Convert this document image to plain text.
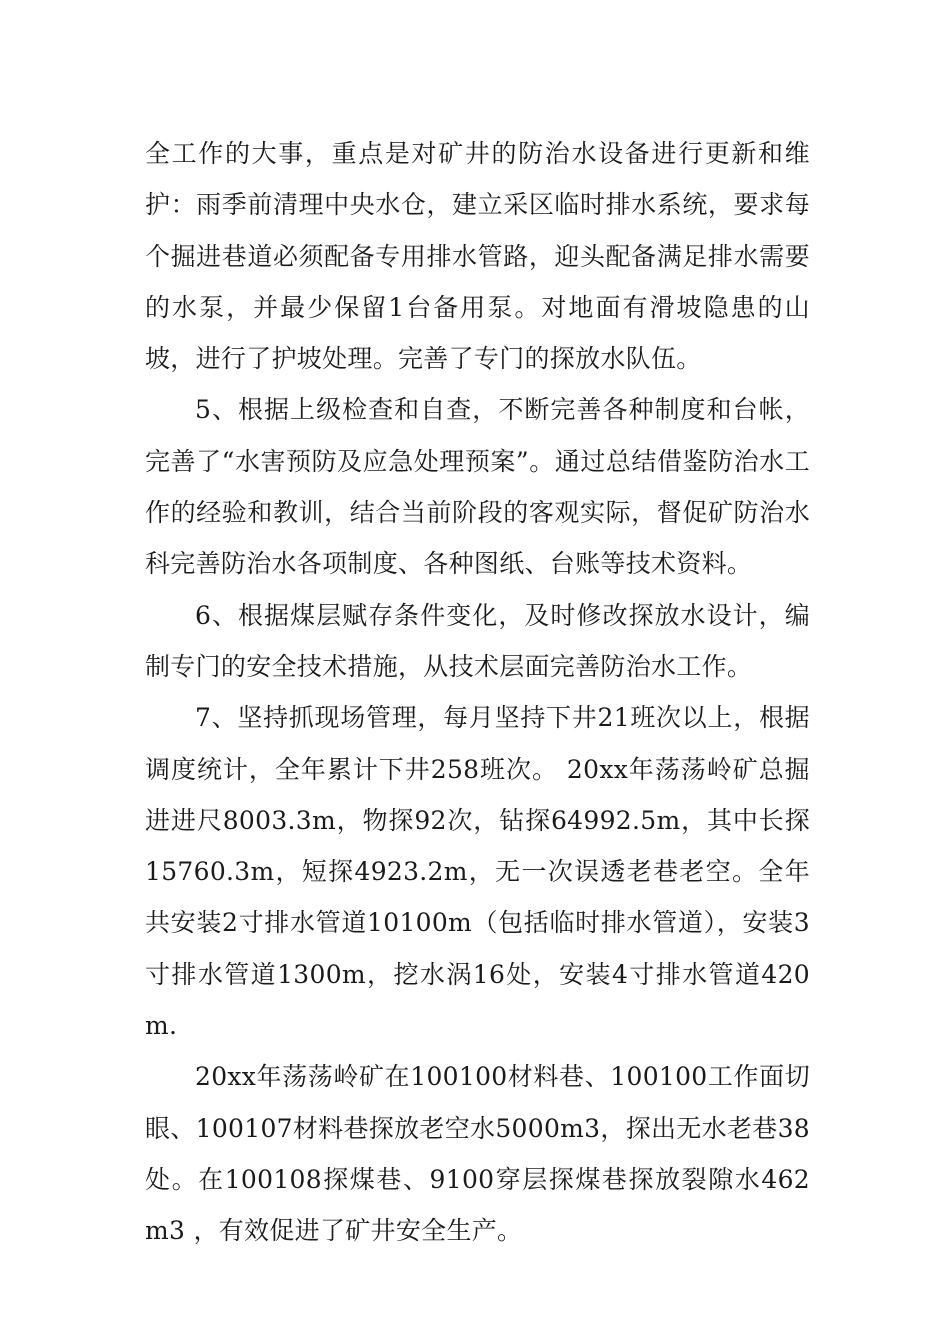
全工作的大事，重点是对矿井的防治水设备进行更新和维护：雨季前清理中央水仓，建立采区临时排水系统，要求每个掘进巷道必须配备专用排水管路，迎头配备满足排水需要的水泵，并最少保留1台备用泵。对地面有滑坡隐患的山坡，进行了护坡处理。完善了专门的探放水队伍。

5、根据上级检查和自查，不断完善各种制度和台帐，完善了“水害预防及应急处理预案”。通过总结借鉴防治水工作的经验和教训，结合当前阶段的客观实际，督促矿防治水科完善防治水各项制度、各种图纸、台账等技术资料。

6、根据煤层赋存条件变化，及时修改探放水设计，编制专门的安全技术措施，从技术层面完善防治水工作。

7、坚持抓现场管理，每月坚持下井21班次以上，根据调度统计，全年累计下井258班次。 20xx年荡荡岭矿总掘进进尺8003.3m，物探92次，钻探64992.5m，其中长探15760.3m，短探4923.2m，无一次误透老巷老空。全年共安装2寸排水管道10100m（包括临时排水管道），安装3寸排水管道1300m，挖水涡16处，安装4寸排水管道420m.

20xx年荡荡岭矿在100100材料巷、100100工作面切眼、100107材料巷探放老空水5000m3，探出无水老巷38处。在100108探煤巷、9100穿层探煤巷探放裂隙水462 m3 ，有效促进了矿井安全生产。
